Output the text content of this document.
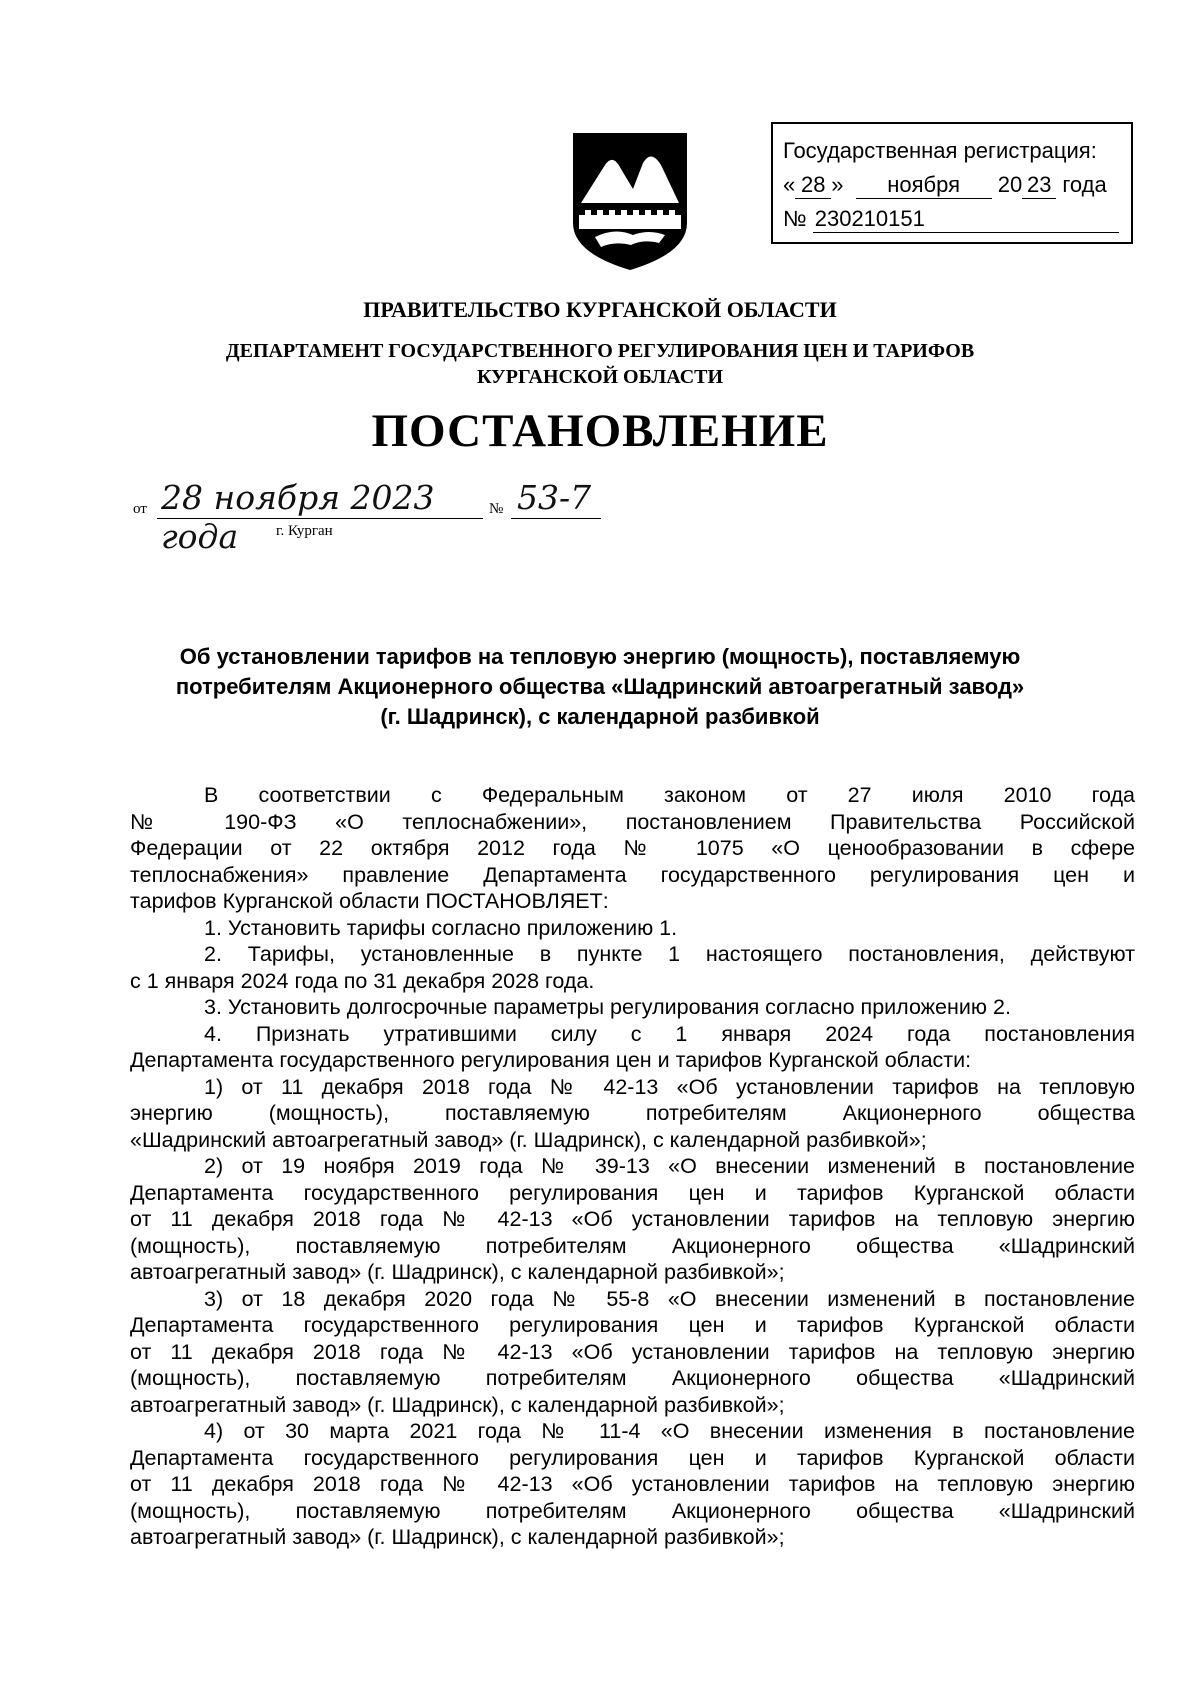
Государственная регистрация:
« 28 » ноября 20 23 года
№ 230210151
ПРАВИТЕЛЬСТВО КУРГАНСКОЙ ОБЛАСТИ
ДЕПАРТАМЕНТ ГОСУДАРСТВЕННОГО РЕГУЛИРОВАНИЯ ЦЕН И ТАРИФОВ
КУРГАНСКОЙ ОБЛАСТИ
ПОСТАНОВЛЕНИЕ
от 28 ноября 2023 года
№ 53-7
г. Курган
Об установлении тарифов на тепловую энергию (мощность), поставляемую
потребителям Акционерного общества «Шадринский автоагрегатный завод»
(г. Шадринск), с календарной разбивкой
В соответствии с Федеральным законом от 27 июля 2010 года
№ 190-ФЗ «О теплоснабжении», постановлением Правительства Российской
Федерации от 22 октября 2012 года № 1075 «О ценообразовании в сфере
теплоснабжения» правление Департамента государственного регулирования цен и
тарифов Курганской области ПОСТАНОВЛЯЕТ:
1. Установить тарифы согласно приложению 1.
2. Тарифы, установленные в пункте 1 настоящего постановления, действуют
с 1 января 2024 года по 31 декабря 2028 года.
3. Установить долгосрочные параметры регулирования согласно приложению 2.
4. Признать утратившими силу с 1 января 2024 года постановления
Департамента государственного регулирования цен и тарифов Курганской области:
1) от 11 декабря 2018 года № 42-13 «Об установлении тарифов на тепловую
энергию (мощность), поставляемую потребителям Акционерного общества
«Шадринский автоагрегатный завод» (г. Шадринск), с календарной разбивкой»;
2) от 19 ноября 2019 года № 39-13 «О внесении изменений в постановление
Департамента государственного регулирования цен и тарифов Курганской области
от 11 декабря 2018 года № 42-13 «Об установлении тарифов на тепловую энергию
(мощность), поставляемую потребителям Акционерного общества «Шадринский
автоагрегатный завод» (г. Шадринск), с календарной разбивкой»;
3) от 18 декабря 2020 года № 55-8 «О внесении изменений в постановление
Департамента государственного регулирования цен и тарифов Курганской области
от 11 декабря 2018 года № 42-13 «Об установлении тарифов на тепловую энергию
(мощность), поставляемую потребителям Акционерного общества «Шадринский
автоагрегатный завод» (г. Шадринск), с календарной разбивкой»;
4) от 30 марта 2021 года № 11-4 «О внесении изменения в постановление
Департамента государственного регулирования цен и тарифов Курганской области
от 11 декабря 2018 года № 42-13 «Об установлении тарифов на тепловую энергию
(мощность), поставляемую потребителям Акционерного общества «Шадринский
автоагрегатный завод» (г. Шадринск), с календарной разбивкой»;
